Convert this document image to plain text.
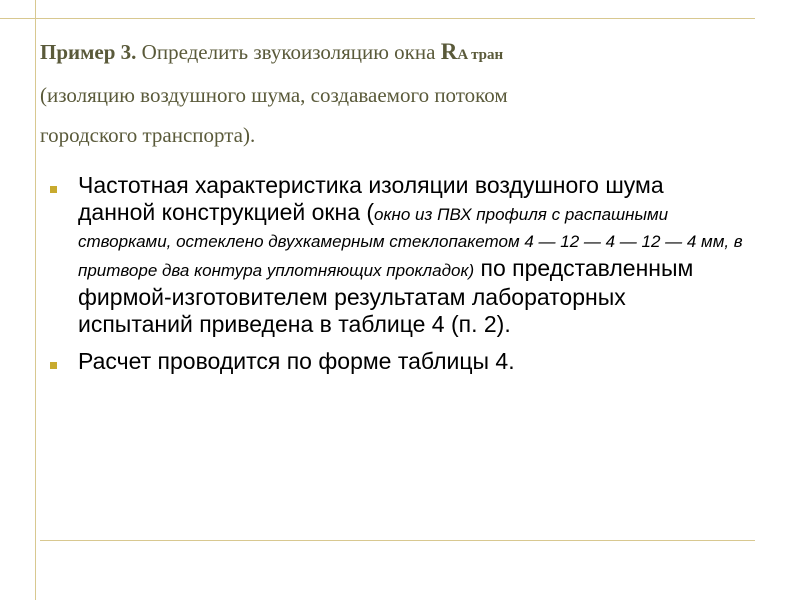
Пример 3. Определить звукоизоляцию окна RA тран
(изоляцию воздушного шума, создаваемого потоком
городского транспорта).
Частотная характеристика изоляции воздушного шума данной конструкцией окна (окно из ПВХ профиля с распашными створками, остеклено двухкамерным стеклопакетом 4 — 12 — 4 — 12 — 4 мм, в притворе два контура уплотняющих прокладок) по представленным фирмой-изготовителем результатам лабораторных испытаний приведена в таблице 4 (п. 2).
Расчет проводится по форме таблицы 4.
